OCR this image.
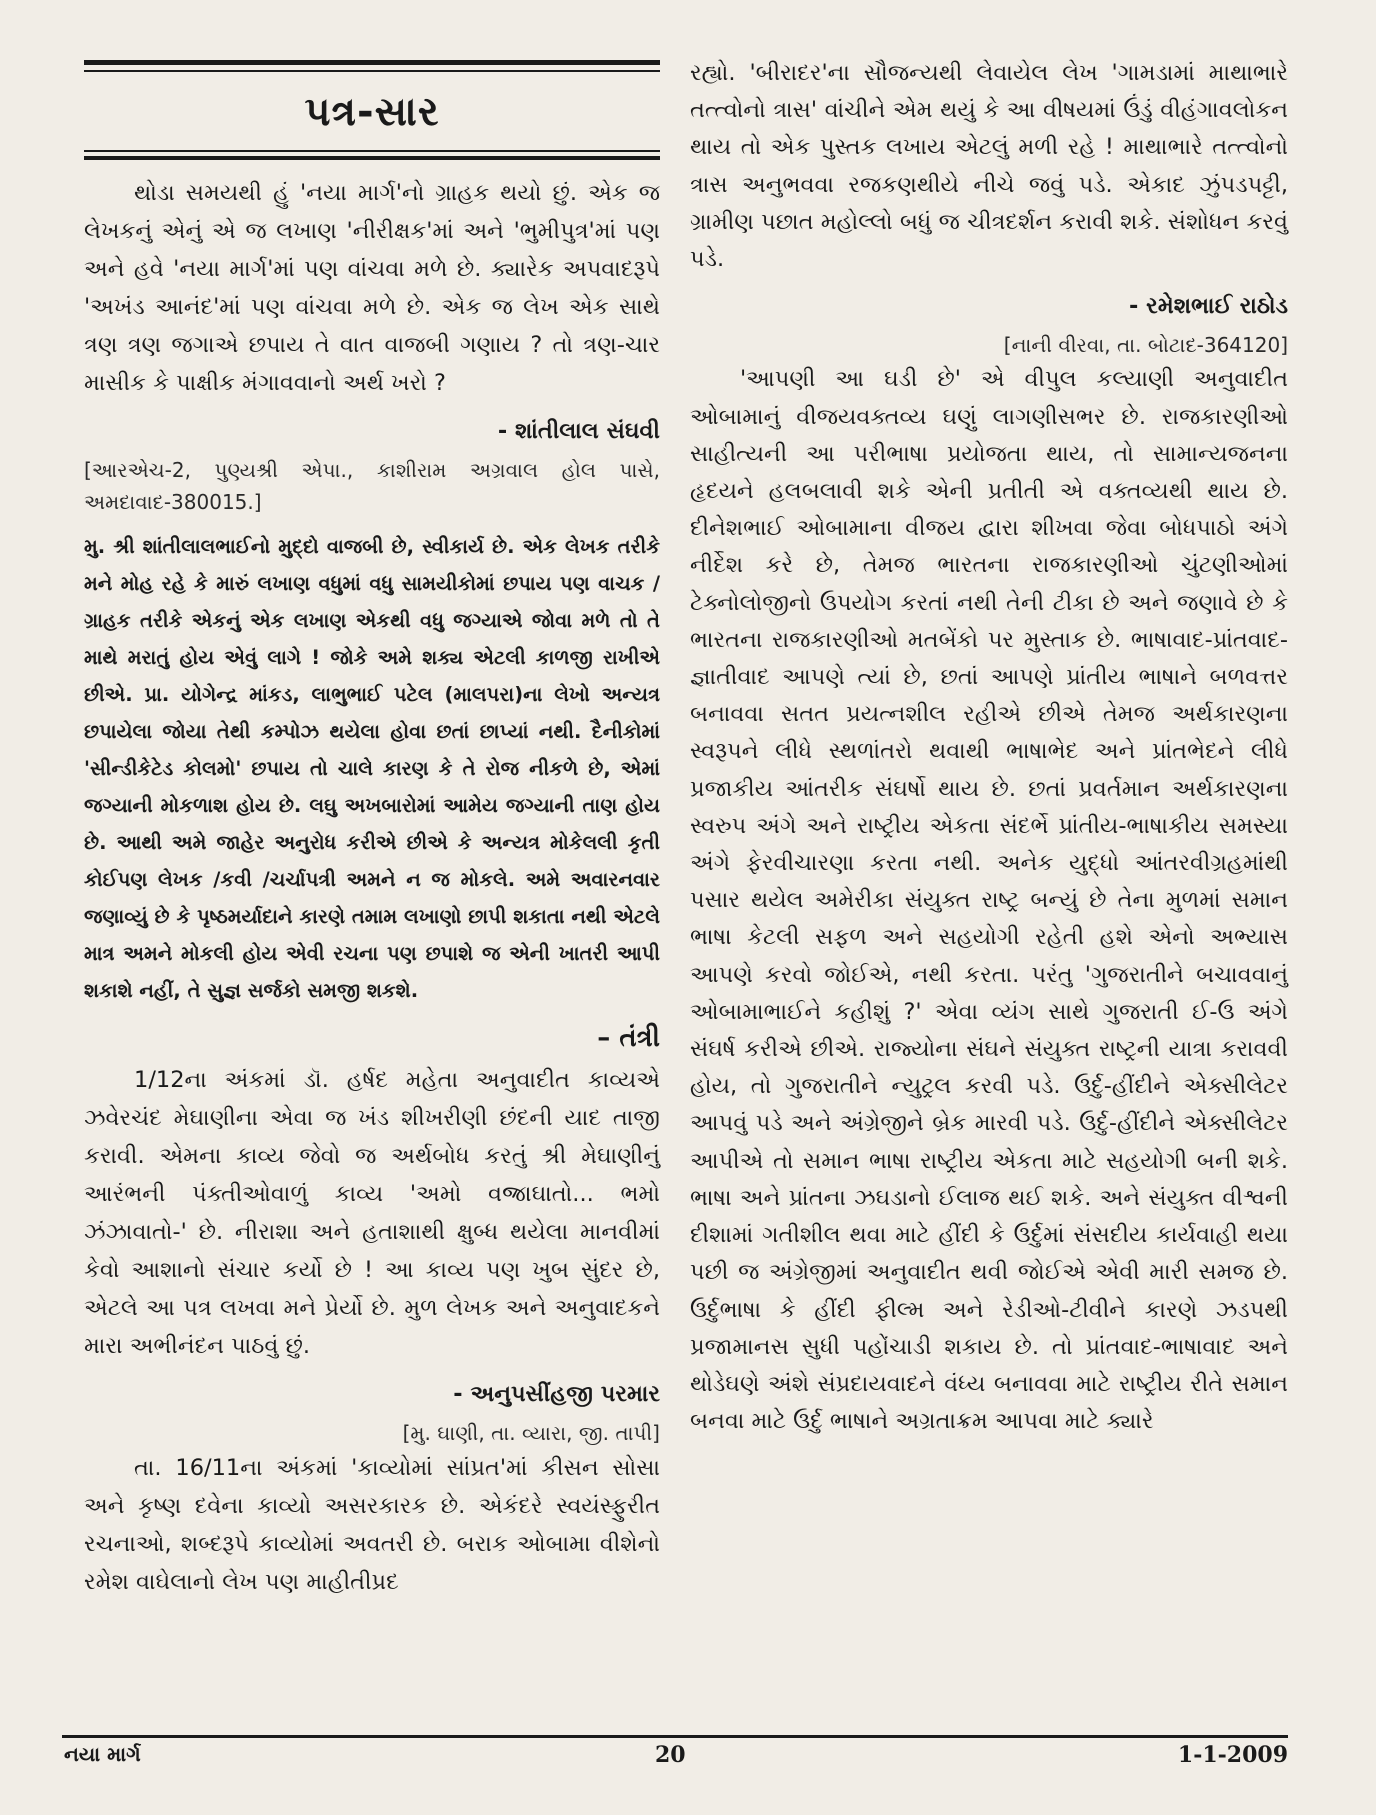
પત્ર-સાર

થોડા સમયથી હું 'નયા માર્ગ'નો ગ્રાહક થયો છું. એક જ લેખકનું એનું એ જ લખાણ 'નીરીક્ષક'માં અને 'ભુમીપુત્ર'માં પણ અને હવે 'નયા માર્ગ'માં પણ વાંચવા મળે છે. ક્યારેક અપવાદરૂપે 'અખંડ આનંદ'માં પણ વાંચવા મળે છે. એક જ લેખ એક સાથે ત્રણ ત્રણ જગાએ છપાય તે વાત વાજબી ગણાય ? તો ત્રણ-ચાર માસીક કે પાક્ષીક મંગાવવાનો અર્થ ખરો ?

- શાંતીલાલ સંઘવી

[આરએચ-2, પુણ્યશ્રી એપા., કાશીરામ અગ્રવાલ હોલ પાસે, અમદાવાદ-380015.]

મુ. શ્રી શાંતીલાલભાઈનો મુદ્દો વાજબી છે, સ્વીકાર્ય છે. એક લેખક તરીકે મને મોહ રહે કે મારું લખાણ વધુમાં વધુ સામયીકોમાં છપાય પણ વાચક / ગ્રાહક તરીકે એકનું એક લખાણ એકથી વધુ જગ્યાએ જોવા મળે તો તે માથે મરાતું હોય એવું લાગે ! જોકે અમે શક્ય એટલી કાળજી રાખીએ છીએ. પ્રા. યોગેન્દ્ર માંકડ, લાભુભાઈ પટેલ (માલપરા)ના લેખો અન્યત્ર છપાયેલા જોયા તેથી કમ્પોઝ થયેલા હોવા છતાં છાપ્યાં નથી. દૈનીકોમાં 'સીન્ડીકેટેડ કોલમો' છપાય તો ચાલે કારણ કે તે રોજ નીકળે છે, એમાં જગ્યાની મોકળાશ હોય છે. લઘુ અખબારોમાં આમેય જગ્યાની તાણ હોય છે. આથી અમે જાહેર અનુરોધ કરીએ છીએ કે અન્યત્ર મોકેલલી કૃતી કોઈપણ લેખક /કવી /ચર્ચાપત્રી અમને ન જ મોકલે. અમે અવારનવાર જણાવ્યું છે કે પૃષ્ઠમર્યાદાને કારણે તમામ લખાણો છાપી શકાતા નથી એટલે માત્ર અમને મોકલી હોય એવી રચના પણ છપાશે જ એની ખાતરી આપી શકાશે નહીં, તે સુજ્ઞ સર્જકો સમજી શકશે.

– તંત્રી

1/12ના અંકમાં ડૉ. હર્ષદ મહેતા અનુવાદીત કાવ્યએ ઝવેરચંદ મેઘાણીના એવા જ ખંડ શીખરીણી છંદની યાદ તાજી કરાવી. એમના કાવ્ય જેવો જ અર્થબોધ કરતું શ્રી મેઘાણીનું આરંભની પંક્તીઓવાળું કાવ્ય 'અમો વજ્રાઘાતો... ભમો ઝંઝાવાતો-' છે. નીરાશા અને હતાશાથી ક્ષુબ્ધ થયેલા માનવીમાં કેવો આશાનો સંચાર કર્યો છે ! આ કાવ્ય પણ ખુબ સુંદર છે, એટલે આ પત્ર લખવા મને પ્રેર્યો છે. મુળ લેખક અને અનુવાદકને મારા અભીનંદન પાઠવું છું.

- અનુપસીંહજી પરમાર

[મુ. ઘાણી, તા. વ્યારા, જી. તાપી]

તા. 16/11ના અંકમાં 'કાવ્યોમાં સાંપ્રત'માં કીસન સોસા અને કૃષ્ણ દવેના કાવ્યો અસરકારક છે. એકંદરે સ્વયંસ્ફુરીત રચનાઓ, શબ્દરૂપે કાવ્યોમાં અવતરી છે. બરાક ઓબામા વીશેનો રમેશ વાઘેલાનો લેખ પણ માહીતીપ્રદ

રહ્યો. 'બીરાદર'ના સૌજન્યથી લેવાયેલ લેખ 'ગામડામાં માથાભારે તત્ત્વોનો ત્રાસ' વાંચીને એમ થયું કે આ વીષયમાં ઉંડું વીહંગાવલોકન થાય તો એક પુસ્તક લખાય એટલું મળી રહે ! માથાભારે તત્ત્વોનો ત્રાસ અનુભવવા રજકણથીયે નીચે જવું પડે. એકાદ ઝુંપડપટ્ટી, ગ્રામીણ પછાત મહોલ્લો બધું જ ચીત્રદર્શન કરાવી શકે. સંશોધન કરવું પડે.

- રમેશભાઈ રાઠોડ

[નાની વીરવા, તા. બોટાદ-364120]

'આપણી આ ઘડી છે' એ વીપુલ કલ્યાણી અનુવાદીત ઓબામાનું વીજયવક્તવ્ય ઘણું લાગણીસભર છે. રાજકારણીઓ સાહીત્યની આ પરીભાષા પ્રયોજતા થાય, તો સામાન્યજનના હૃદયને હલબલાવી શકે એની પ્રતીતી એ વક્તવ્યથી થાય છે. દીનેશભાઈ ઓબામાના વીજય દ્વારા શીખવા જેવા બોધપાઠો અંગે નીર્દેશ કરે છે, તેમજ ભારતના રાજકારણીઓ ચુંટણીઓમાં ટેક્નોલોજીનો ઉપયોગ કરતાં નથી તેની ટીકા છે અને જણાવે છે કે ભારતના રાજકારણીઓ મતબેંકો પર મુસ્તાક છે. ભાષાવાદ-પ્રાંતવાદ-જ્ઞાતીવાદ આપણે ત્યાં છે, છતાં આપણે પ્રાંતીય ભાષાને બળવત્તર બનાવવા સતત પ્રયત્નશીલ રહીએ છીએ તેમજ અર્થકારણના સ્વરૂપને લીધે સ્થળાંતરો થવાથી ભાષાભેદ અને પ્રાંતભેદને લીધે પ્રજાકીય આંતરીક સંઘર્ષો થાય છે. છતાં પ્રવર્તમાન અર્થકારણના સ્વરુપ અંગે અને રાષ્ટ્રીય એકતા સંદર્ભે પ્રાંતીય-ભાષાકીય સમસ્યા અંગે ફેરવીચારણા કરતા નથી. અનેક યુદ્ધો આંતરવીગ્રહમાંથી પસાર થયેલ અમેરીકા સંયુક્ત રાષ્ટ્ર બન્યું છે તેના મુળમાં સમાન ભાષા કેટલી સફળ અને સહયોગી રહેતી હશે એનો અભ્યાસ આપણે કરવો જોઈએ, નથી કરતા. પરંતુ 'ગુજરાતીને બચાવવાનું ઓબામાભાઈને કહીશું ?' એવા વ્યંગ સાથે ગુજરાતી ઈ-ઉ અંગે સંઘર્ષ કરીએ છીએ. રાજ્યોના સંઘને સંયુક્ત રાષ્ટ્રની યાત્રા કરાવવી હોય, તો ગુજરાતીને ન્યુટ્રલ કરવી પડે. ઉર્દુ-હીંદીને એક્સીલેટર આપવું પડે અને અંગ્રેજીને બ્રેક મારવી પડે. ઉર્દુ-હીંદીને એક્સીલેટર આપીએ તો સમાન ભાષા રાષ્ટ્રીય એકતા માટે સહયોગી બની શકે. ભાષા અને પ્રાંતના ઝઘડાનો ઈલાજ થઈ શકે. અને સંયુક્ત વીશ્વની દીશામાં ગતીશીલ થવા માટે હીંદી કે ઉર્દુમાં સંસદીય કાર્યવાહી થયા પછી જ અંગ્રેજીમાં અનુવાદીત થવી જોઈએ એવી મારી સમજ છે. ઉર્દુભાષા કે હીંદી ફીલ્મ અને રેડીઓ-ટીવીને કારણે ઝડપથી પ્રજામાનસ સુધી પહોંચાડી શકાય છે. તો પ્રાંતવાદ-ભાષાવાદ અને થોડેઘણે અંશે સંપ્રદાયવાદને વંધ્ય બનાવવા માટે રાષ્ટ્રીય રીતે સમાન બનવા માટે ઉર્દુ ભાષાને અગ્રતાક્રમ આપવા માટે ક્યારે

નયા માર્ગ	20	1-1-2009
